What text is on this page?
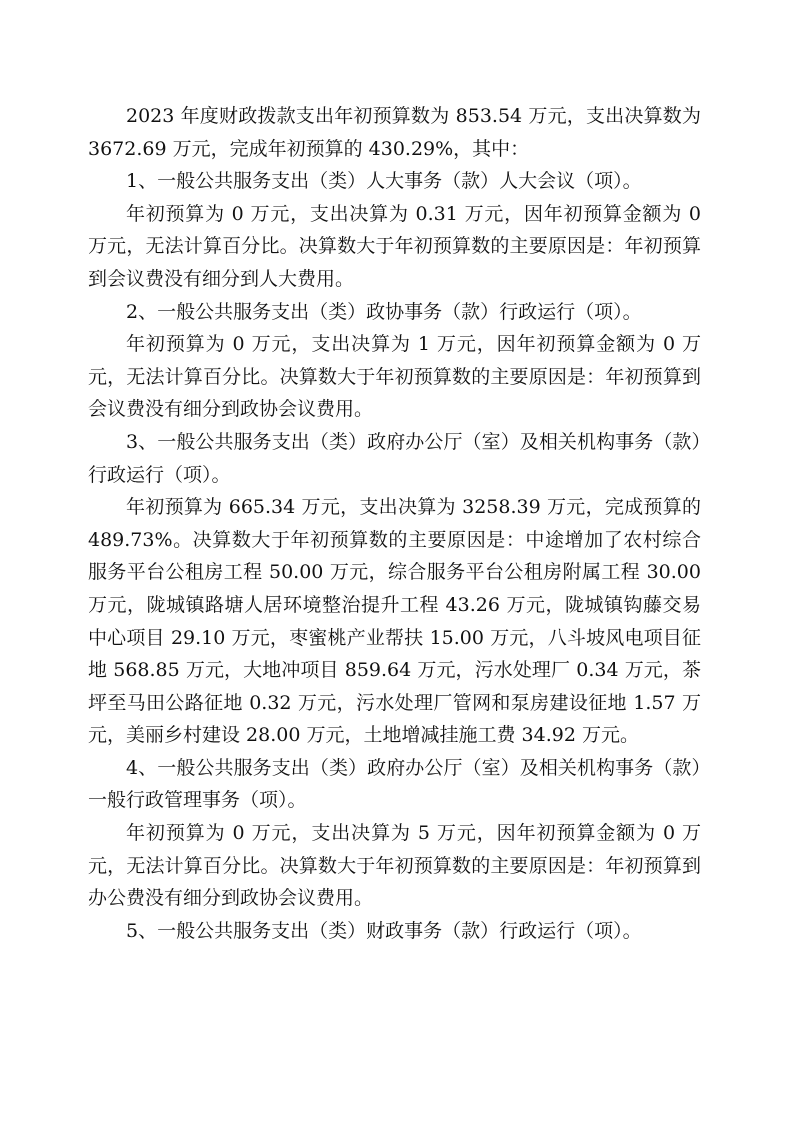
2023 年度财政拨款支出年初预算数为 853.54 万元，支出决算数为 3672.69 万元，完成年初预算的 430.29%，其中：

1、一般公共服务支出（类）人大事务（款）人大会议（项）。

年初预算为 0 万元，支出决算为 0.31 万元，因年初预算金额为 0 万元，无法计算百分比。决算数大于年初预算数的主要原因是：年初预算到会议费没有细分到人大费用。

2、一般公共服务支出（类）政协事务（款）行政运行（项）。

年初预算为 0 万元，支出决算为 1 万元，因年初预算金额为 0 万元，无法计算百分比。决算数大于年初预算数的主要原因是：年初预算到会议费没有细分到政协会议费用。

3、一般公共服务支出（类）政府办公厅（室）及相关机构事务（款）行政运行（项）。

年初预算为 665.34 万元，支出决算为 3258.39 万元，完成预算的 489.73%。决算数大于年初预算数的主要原因是：中途增加了农村综合服务平台公租房工程 50.00 万元，综合服务平台公租房附属工程 30.00 万元，陇城镇路塘人居环境整治提升工程 43.26 万元，陇城镇钩藤交易中心项目 29.10 万元，枣蜜桃产业帮扶 15.00 万元，八斗坡风电项目征地 568.85 万元，大地冲项目 859.64 万元，污水处理厂 0.34 万元，茶坪至马田公路征地 0.32 万元，污水处理厂管网和泵房建设征地 1.57 万元，美丽乡村建设 28.00 万元，土地增减挂施工费 34.92 万元。

4、一般公共服务支出（类）政府办公厅（室）及相关机构事务（款）一般行政管理事务（项）。

年初预算为 0 万元，支出决算为 5 万元，因年初预算金额为 0 万元，无法计算百分比。决算数大于年初预算数的主要原因是：年初预算到办公费没有细分到政协会议费用。

5、一般公共服务支出（类）财政事务（款）行政运行（项）。
